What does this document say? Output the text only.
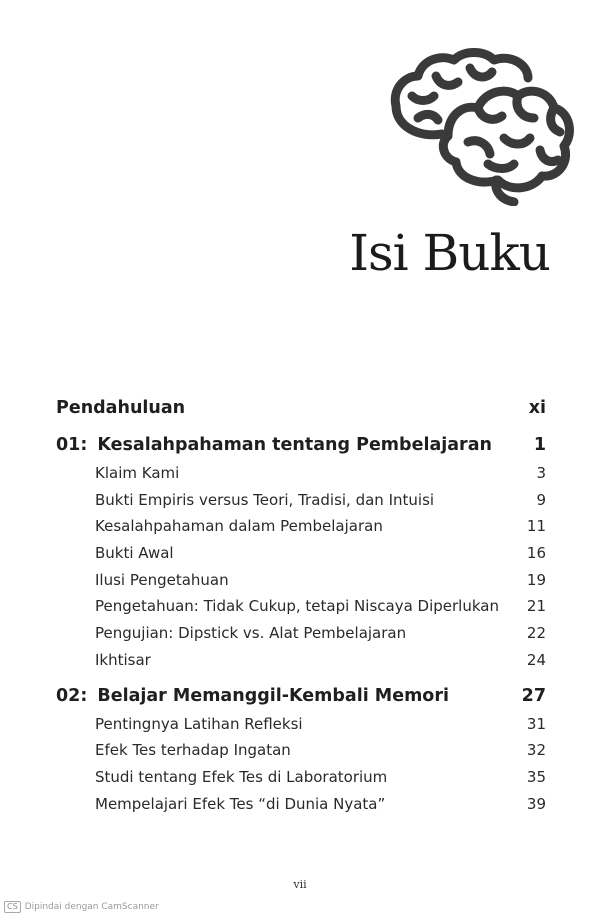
Isi Buku
Pendahuluan	xi
01: Kesalahpahaman tentang Pembelajaran 1
Klaim Kami	3
Bukti Empiris versus Teori, Tradisi, dan Intuisi	9
Kesalahpahaman dalam Pembelajaran	11
Bukti Awal	16
Ilusi Pengetahuan	19
Pengetahuan: Tidak Cukup, tetapi Niscaya Diperlukan 21
Pengujian: Dipstick vs. Alat Pembelajaran	22
Ikhtisar	24
02: Belajar Memanggil-Kembali Memori	27
Pentingnya Latihan Refleksi	31
Efek Tes terhadap Ingatan	32
Studi tentang Efek Tes di Laboratorium	35
Mempelajari Efek Tes “di Dunia Nyata”	39
vii
CS Dipindai dengan CamScanner
